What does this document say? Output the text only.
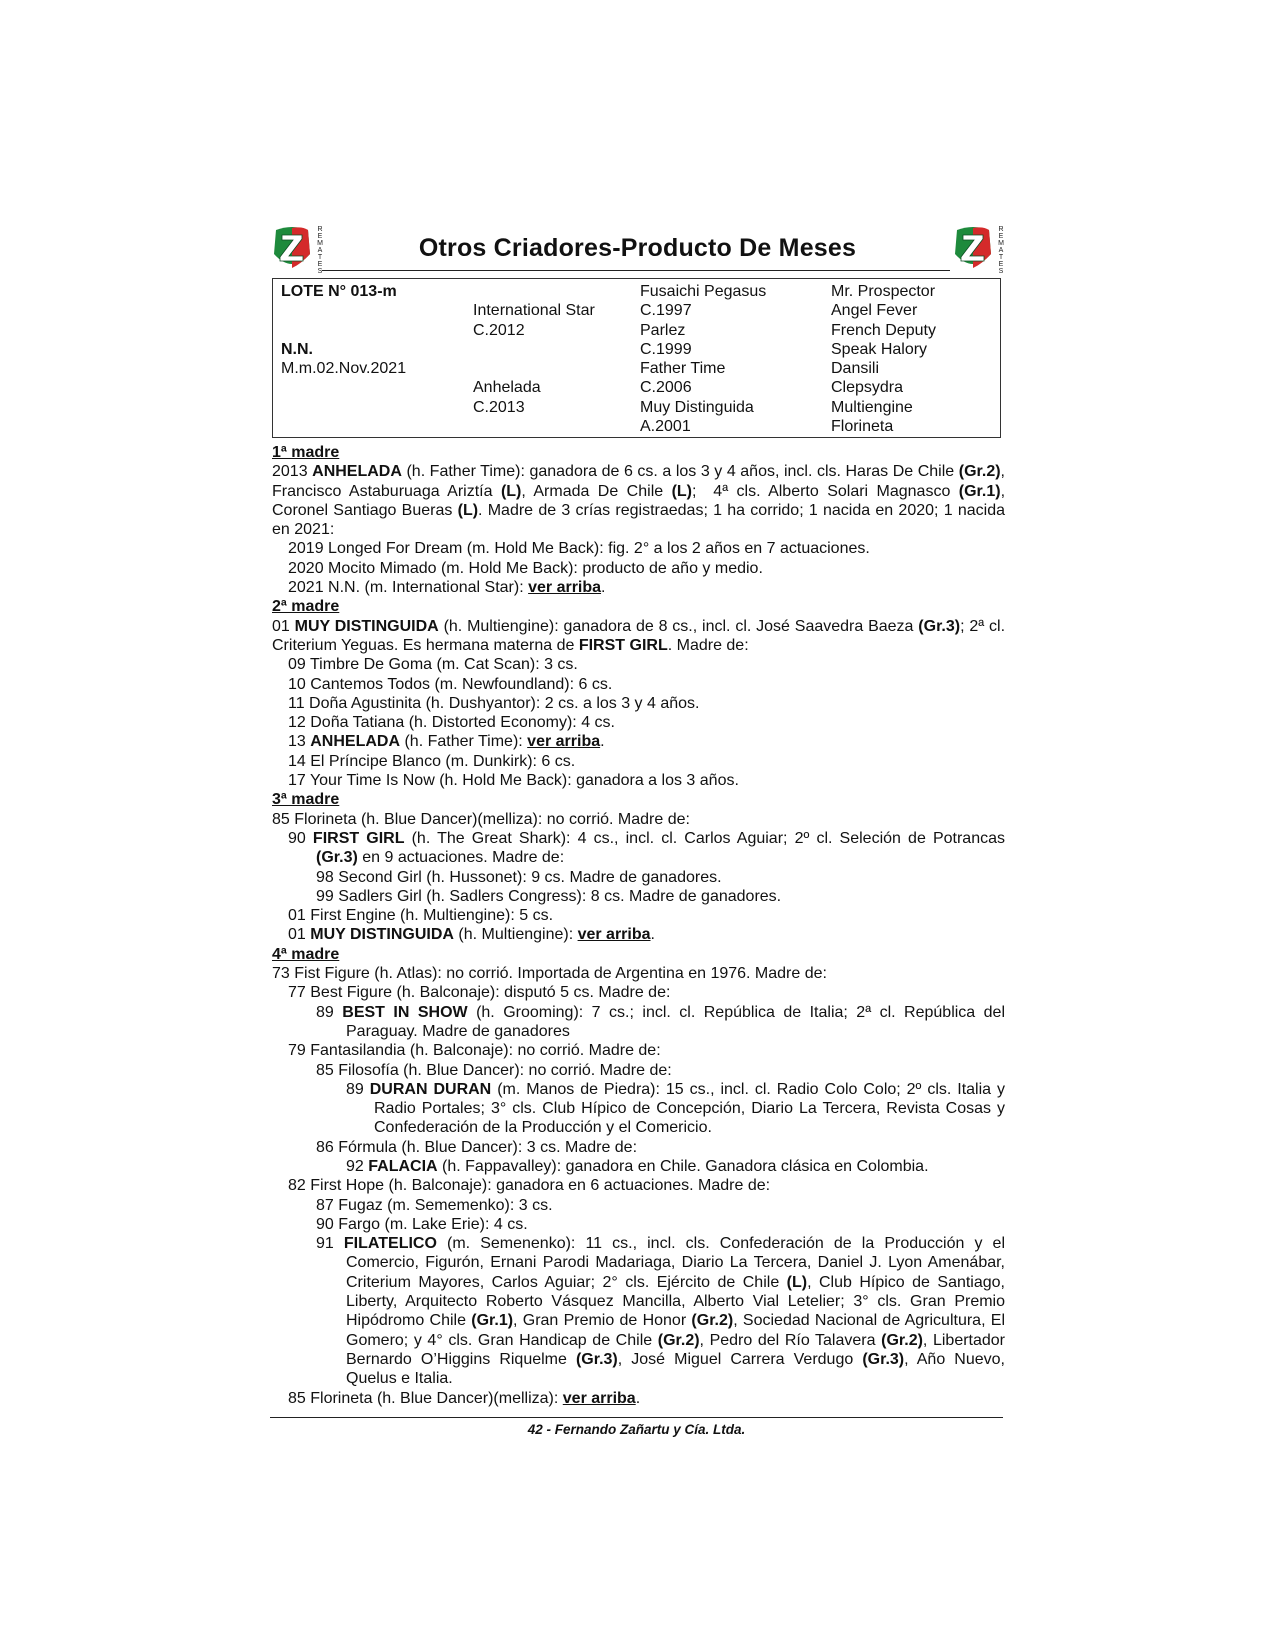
R
E
M
A
T
E
S
R
E
M
A
T
E
S
Otros Criadores-Producto De Meses
LOTE N° 013-m
N.N.
M.m.02.Nov.2021
International Star
C.2012
Anhelada
C.2013
Fusaichi Pegasus
C.1997
Parlez
C.1999
Father Time
C.2006
Muy Distinguida
A.2001
Mr. Prospector
Angel Fever
French Deputy
Speak Halory
Dansili
Clepsydra
Multiengine
Florineta
1ª madre
2013 ANHELADA (h. Father Time): ganadora de 6 cs. a los 3 y 4 años, incl. cls. Haras De Chile (Gr.2), Francisco Astaburuaga Ariztía (L), Armada De Chile (L);  4ª cls. Alberto Solari Magnasco (Gr.1), Coronel Santiago Bueras (L). Madre de 3 crías registraedas; 1 ha corrido; 1 nacida en 2020; 1 nacida en 2021:
2019 Longed For Dream (m. Hold Me Back): fig. 2° a los 2 años en 7 actuaciones.
2020 Mocito Mimado (m. Hold Me Back): producto de año y medio.
2021 N.N. (m. International Star): ver arriba.
2ª madre
01 MUY DISTINGUIDA (h. Multiengine): ganadora de 8 cs., incl. cl. José Saavedra Baeza (Gr.3); 2ª cl. Criterium Yeguas. Es hermana materna de FIRST GIRL. Madre de:
09 Timbre De Goma (m. Cat Scan): 3 cs.
10 Cantemos Todos (m. Newfoundland): 6 cs.
11 Doña Agustinita (h. Dushyantor): 2 cs. a los 3 y 4 años.
12 Doña Tatiana (h. Distorted Economy): 4 cs.
13 ANHELADA (h. Father Time): ver arriba.
14 El Príncipe Blanco (m. Dunkirk): 6 cs.
17 Your Time Is Now (h. Hold Me Back): ganadora a los 3 años.
3ª madre
85 Florineta (h. Blue Dancer)(melliza): no corrió. Madre de:
90 FIRST GIRL (h. The Great Shark): 4 cs., incl. cl. Carlos Aguiar; 2º cl. Seleción de Potrancas (Gr.3) en 9 actuaciones. Madre de:
98 Second Girl (h. Hussonet): 9 cs. Madre de ganadores.
99 Sadlers Girl (h. Sadlers Congress): 8 cs. Madre de ganadores.
01 First Engine (h. Multiengine): 5 cs.
01 MUY DISTINGUIDA (h. Multiengine): ver arriba.
4ª madre
73 Fist Figure (h. Atlas): no corrió. Importada de Argentina en 1976. Madre de:
77 Best Figure (h. Balconaje): disputó 5 cs. Madre de:
89 BEST IN SHOW (h. Grooming): 7 cs.; incl. cl. República de Italia; 2ª cl. República del Paraguay. Madre de ganadores
79 Fantasilandia (h. Balconaje): no corrió. Madre de:
85 Filosofía (h. Blue Dancer): no corrió. Madre de:
89 DURAN DURAN (m. Manos de Piedra): 15 cs., incl. cl. Radio Colo Colo; 2º cls. Italia y Radio Portales; 3° cls. Club Hípico de Concepción, Diario La Tercera, Revista Cosas y Confederación de la Producción y el Comericio.
86 Fórmula (h. Blue Dancer): 3 cs. Madre de:
92 FALACIA (h. Fappavalley): ganadora en Chile. Ganadora clásica en Colombia.
82 First Hope (h. Balconaje): ganadora en 6 actuaciones. Madre de:
87 Fugaz (m. Sememenko): 3 cs.
90 Fargo (m. Lake Erie): 4 cs.
91 FILATELICO (m. Semenenko): 11 cs., incl. cls. Confederación de la Producción y el Comercio, Figurón, Ernani Parodi Madariaga, Diario La Tercera, Daniel J. Lyon Amenábar, Criterium Mayores, Carlos Aguiar; 2° cls. Ejército de Chile (L), Club Hípico de Santiago, Liberty, Arquitecto Roberto Vásquez Mancilla, Alberto Vial Letelier; 3° cls. Gran Premio Hipódromo Chile (Gr.1), Gran Premio de Honor (Gr.2), Sociedad Nacional de Agricultura, El Gomero; y 4° cls. Gran Handicap de Chile (Gr.2), Pedro del Río Talavera (Gr.2), Libertador Bernardo O’Higgins Riquelme (Gr.3), José Miguel Carrera Verdugo (Gr.3), Año Nuevo, Quelus e Italia.
85 Florineta (h. Blue Dancer)(melliza): ver arriba.
42 - Fernando Zañartu y Cía. Ltda.
